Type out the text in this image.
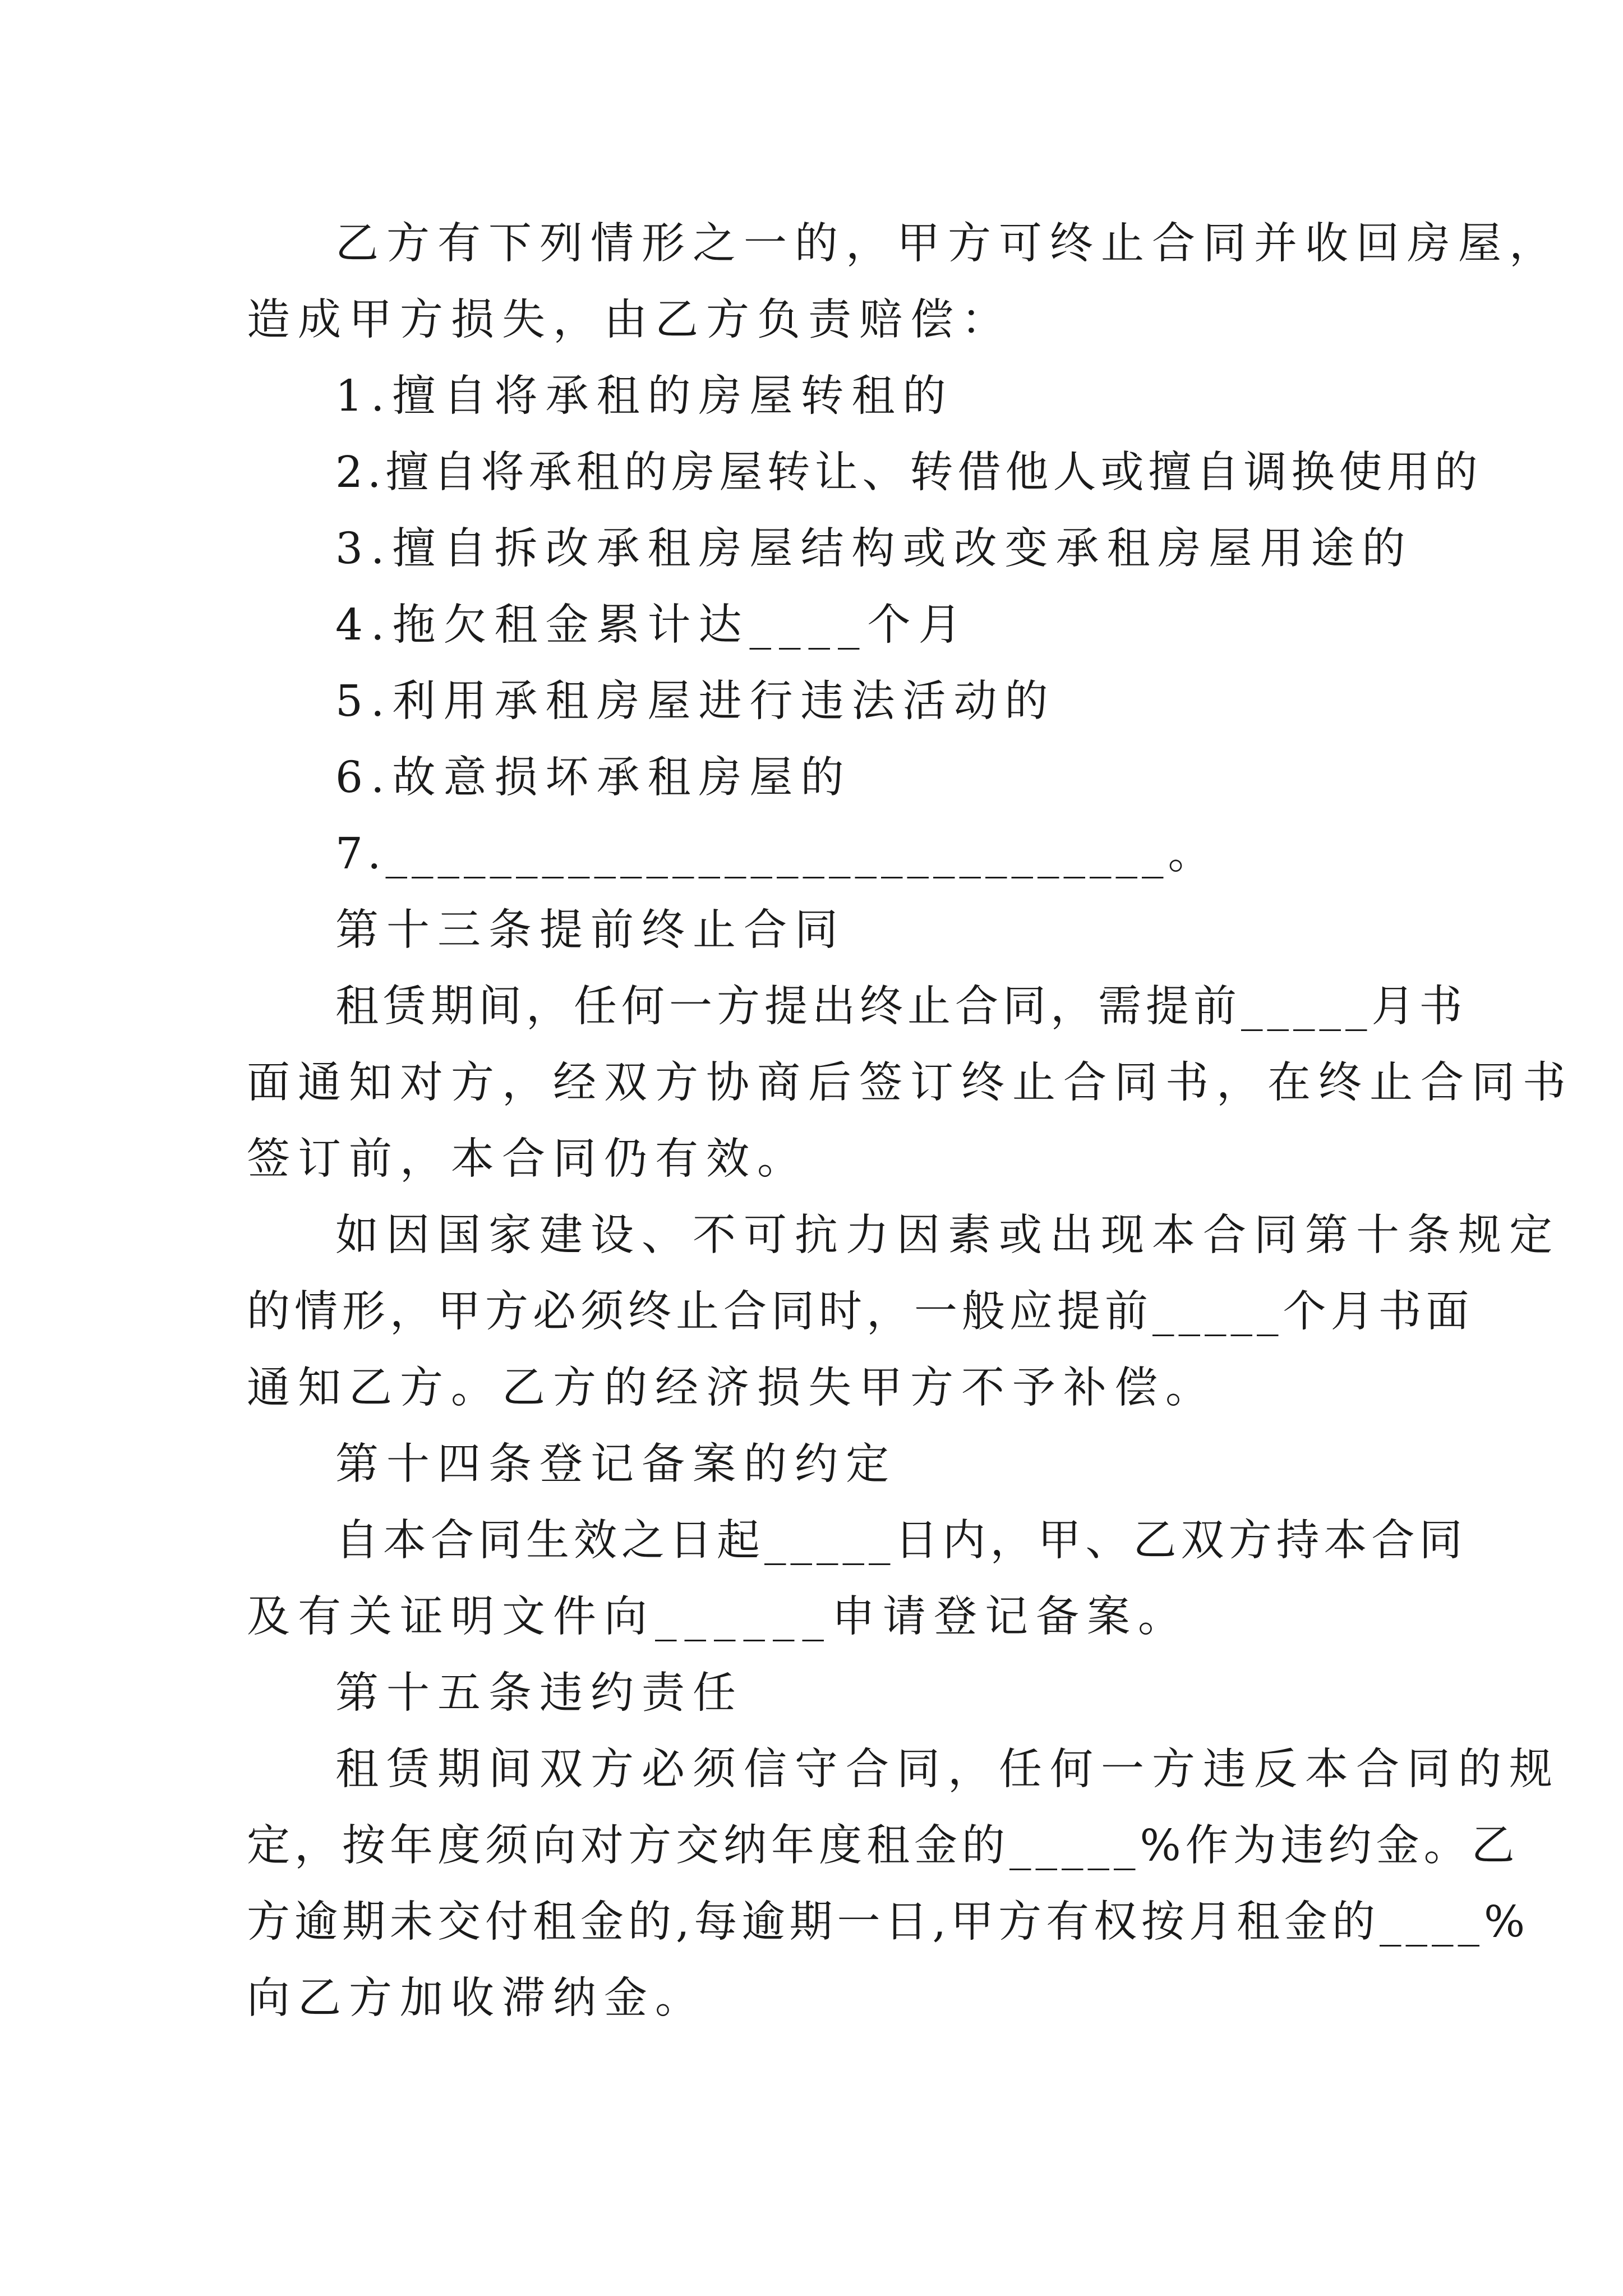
乙方有下列情形之一的，甲方可终止合同并收回房屋，

造成甲方损失，由乙方负责赔偿：

1.擅自将承租的房屋转租的

2.擅自将承租的房屋转让、转借他人或擅自调换使用的

3.擅自拆改承租房屋结构或改变承租房屋用途的

4.拖欠租金累计达____个月

5.利用承租房屋进行违法活动的

6.故意损坏承租房屋的

7.______________________________。

第十三条提前终止合同

租赁期间，任何一方提出终止合同，需提前_____月书

面通知对方，经双方协商后签订终止合同书，在终止合同书

签订前，本合同仍有效。

如因国家建设、不可抗力因素或出现本合同第十条规定

的情形，甲方必须终止合同时，一般应提前_____个月书面

通知乙方。乙方的经济损失甲方不予补偿。

第十四条登记备案的约定

自本合同生效之日起_____日内，甲、乙双方持本合同

及有关证明文件向______申请登记备案。

第十五条违约责任

租赁期间双方必须信守合同，任何一方违反本合同的规

定，按年度须向对方交纳年度租金的_____%作为违约金。乙

方逾期未交付租金的,每逾期一日,甲方有权按月租金的____%

向乙方加收滞纳金。
